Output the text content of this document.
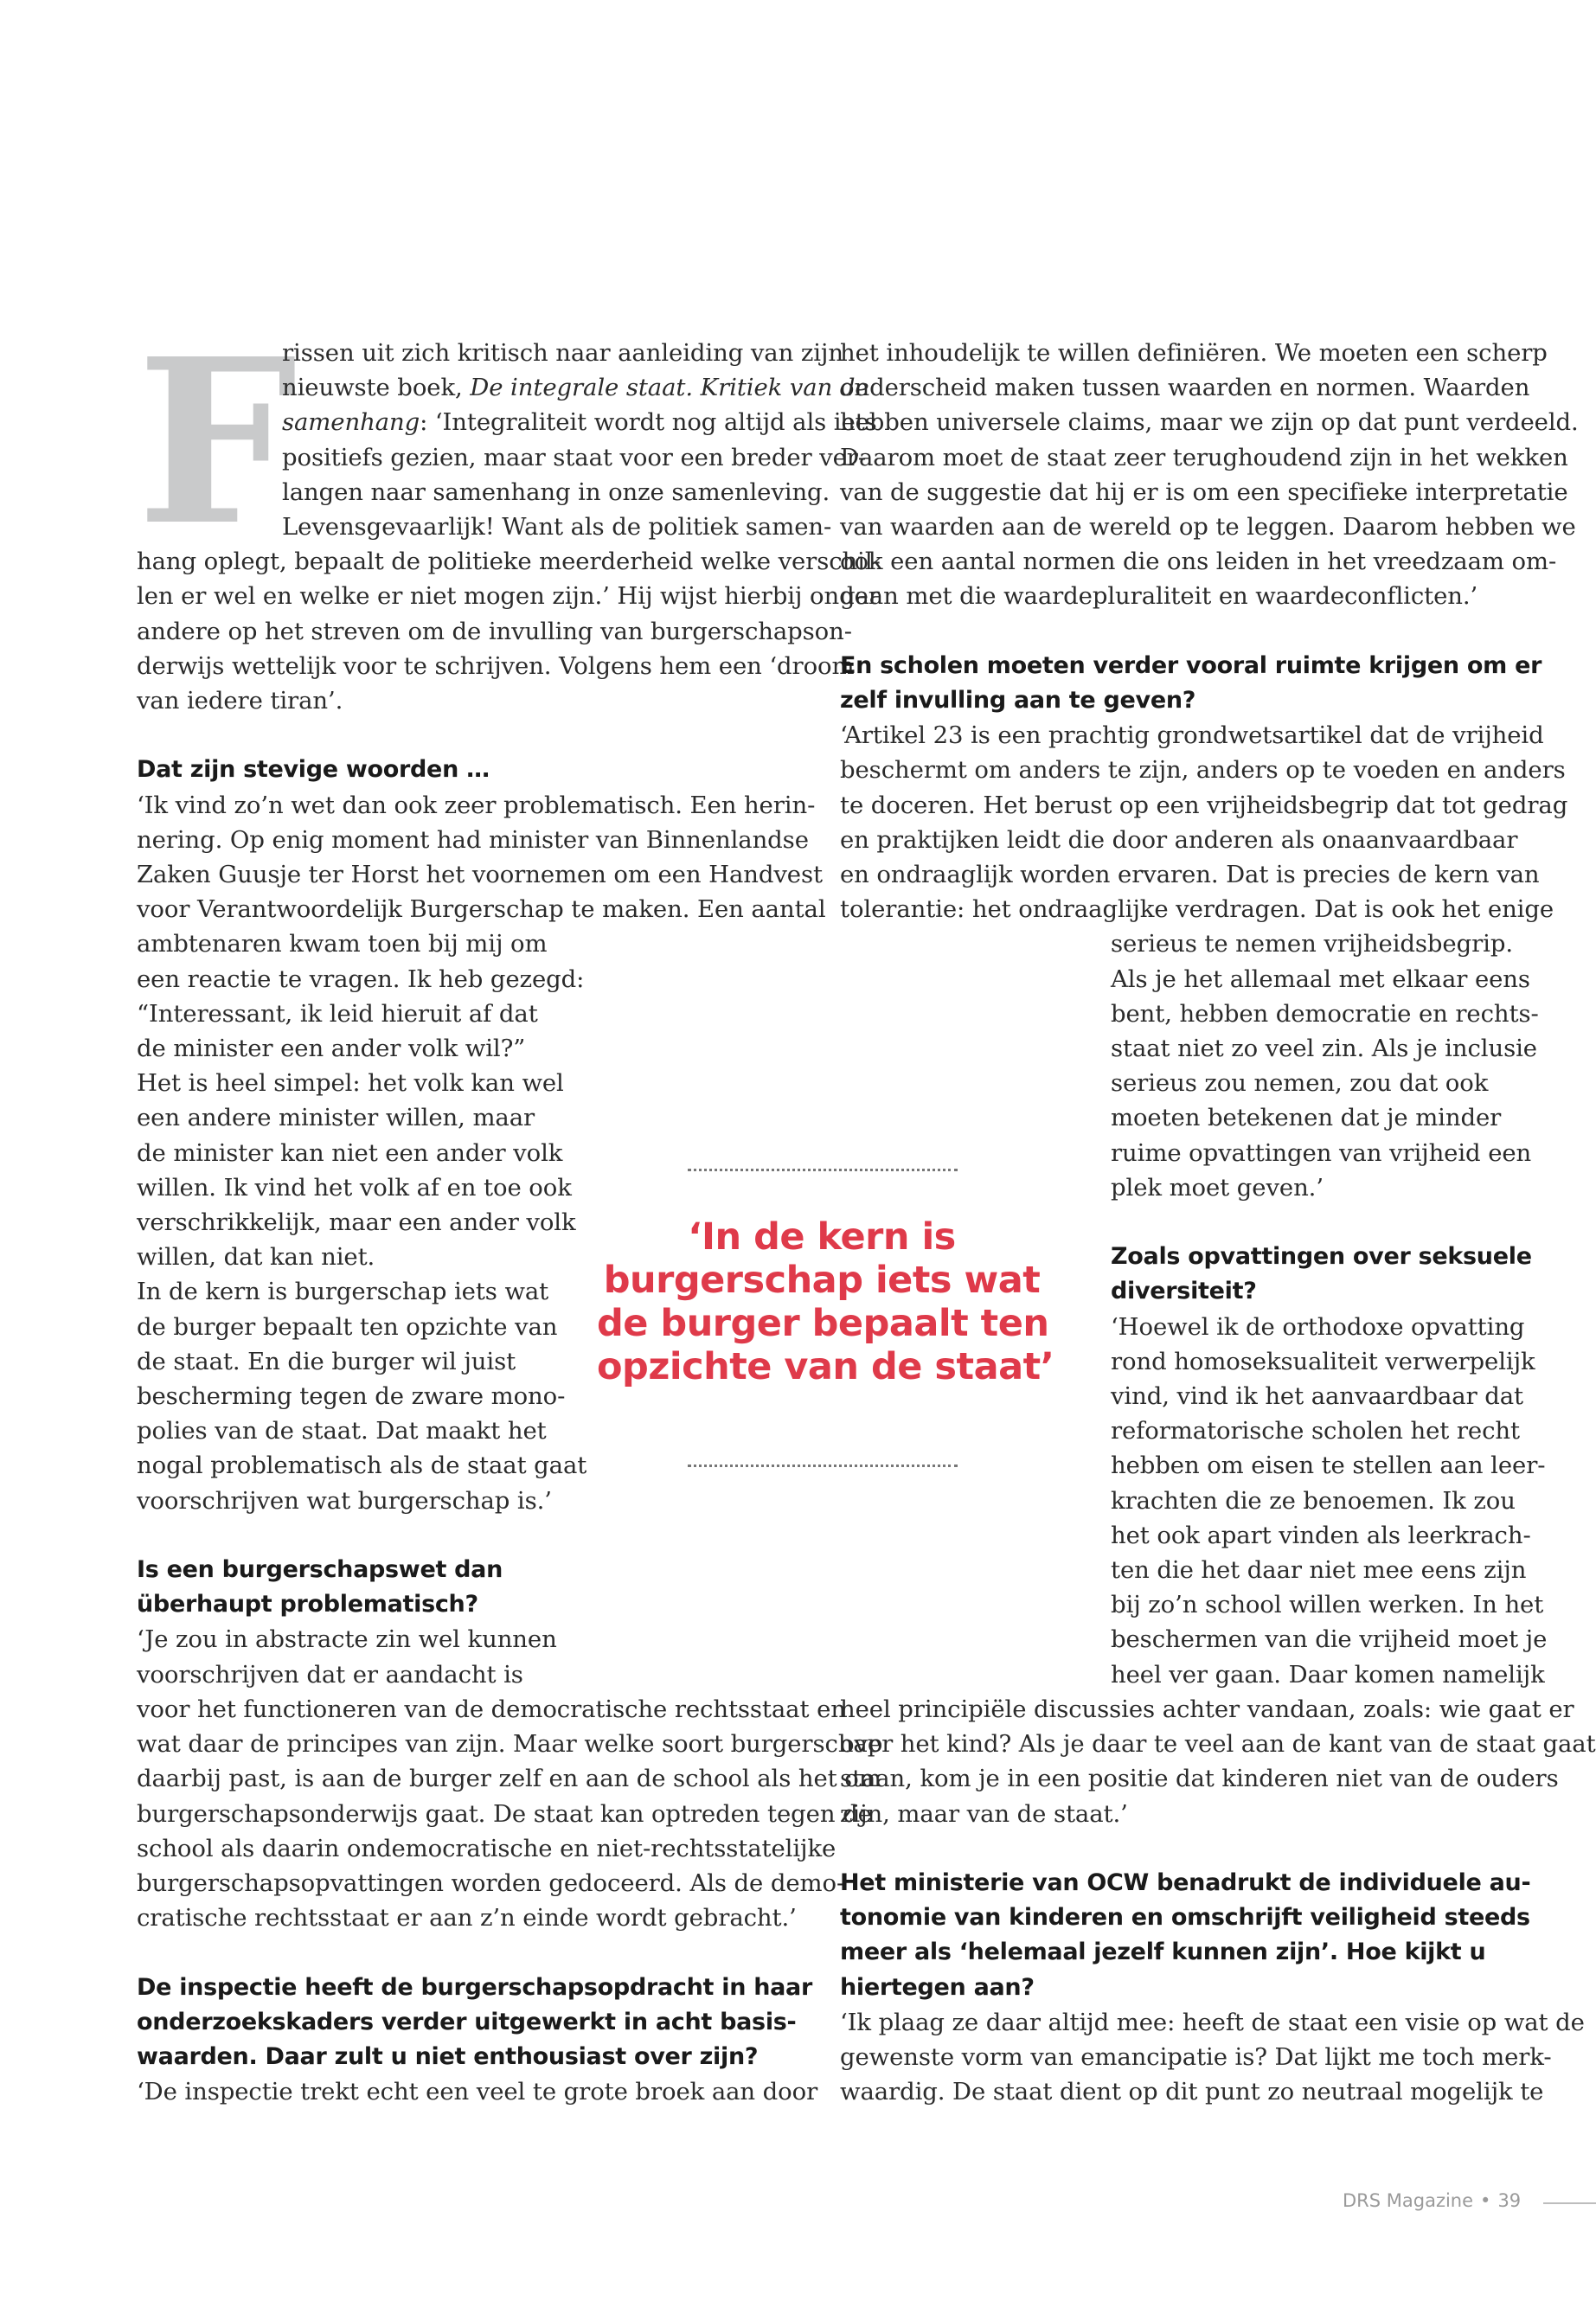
F
rissen uit zich kritisch naar aanleiding van zijn
nieuwste boek, De integrale staat. Kritiek van de
samenhang: ‘Integraliteit wordt nog altijd als iets
positiefs gezien, maar staat voor een breder ver-
langen naar samenhang in onze samenleving.
Levensgevaarlijk! Want als de politiek samen-
hang oplegt, bepaalt de politieke meerderheid welke verschil-
len er wel en welke er niet mogen zijn.’ Hij wijst hierbij onder
andere op het streven om de invulling van burgerschapson-
derwijs wettelijk voor te schrijven. Volgens hem een ‘droom
van iedere tiran’.
Dat zijn stevige woorden …
‘Ik vind zo’n wet dan ook zeer problematisch. Een herin-
nering. Op enig moment had minister van Binnenlandse
Zaken Guusje ter Horst het voornemen om een Handvest
voor Verantwoordelijk Burgerschap te maken. Een aantal
ambtenaren kwam toen bij mij om
een reactie te vragen. Ik heb gezegd:
“Interessant, ik leid hieruit af dat
de minister een ander volk wil?”
Het is heel simpel: het volk kan wel
een andere minister willen, maar
de minister kan niet een ander volk
willen. Ik vind het volk af en toe ook
verschrikkelijk, maar een ander volk
willen, dat kan niet.
In de kern is burgerschap iets wat
de burger bepaalt ten opzichte van
de staat. En die burger wil juist
bescherming tegen de zware mono-
polies van de staat. Dat maakt het
nogal problematisch als de staat gaat
voorschrijven wat burgerschap is.’
Is een burgerschapswet dan
überhaupt problematisch?
‘Je zou in abstracte zin wel kunnen
voorschrijven dat er aandacht is
voor het functioneren van de democratische rechtsstaat en
wat daar de principes van zijn. Maar welke soort burgerschap
daarbij past, is aan de burger zelf en aan de school als het om
burgerschapsonderwijs gaat. De staat kan optreden tegen de
school als daarin ondemocratische en niet-rechtsstatelijke
burgerschapsopvattingen worden gedoceerd. Als de demo-
cratische rechtsstaat er aan z’n einde wordt gebracht.’
De inspectie heeft de burgerschapsopdracht in haar
onderzoekskaders verder uitgewerkt in acht basis-
waarden. Daar zult u niet enthousiast over zijn?
‘De inspectie trekt echt een veel te grote broek aan door
het inhoudelijk te willen definiëren. We moeten een scherp
onderscheid maken tussen waarden en normen. Waarden
hebben universele claims, maar we zijn op dat punt verdeeld.
Daarom moet de staat zeer terughoudend zijn in het wekken
van de suggestie dat hij er is om een specifieke interpretatie
van waarden aan de wereld op te leggen. Daarom hebben we
ook een aantal normen die ons leiden in het vreedzaam om-
gaan met die waardepluraliteit en waardeconflicten.’
En scholen moeten verder vooral ruimte krijgen om er
zelf invulling aan te geven?
‘Artikel 23 is een prachtig grondwetsartikel dat de vrijheid
beschermt om anders te zijn, anders op te voeden en anders
te doceren. Het berust op een vrijheidsbegrip dat tot gedrag
en praktijken leidt die door anderen als onaanvaardbaar
en ondraaglijk worden ervaren. Dat is precies de kern van
tolerantie: het ondraaglijke verdragen. Dat is ook het enige
serieus te nemen vrijheidsbegrip.
Als je het allemaal met elkaar eens
bent, hebben democratie en rechts-
staat niet zo veel zin. Als je inclusie
serieus zou nemen, zou dat ook
moeten betekenen dat je minder
ruime opvattingen van vrijheid een
plek moet geven.’
Zoals opvattingen over seksuele
diversiteit?
‘Hoewel ik de orthodoxe opvatting
rond homoseksualiteit verwerpelijk
vind, vind ik het aanvaardbaar dat
reformatorische scholen het recht
hebben om eisen te stellen aan leer-
krachten die ze benoemen. Ik zou
het ook apart vinden als leerkrach-
ten die het daar niet mee eens zijn
bij zo’n school willen werken. In het
beschermen van die vrijheid moet je
heel ver gaan. Daar komen namelijk
heel principiële discussies achter vandaan, zoals: wie gaat er
over het kind? Als je daar te veel aan de kant van de staat gaat
staan, kom je in een positie dat kinderen niet van de ouders
zijn, maar van de staat.’
Het ministerie van OCW benadrukt de individuele au-
tonomie van kinderen en omschrijft veiligheid steeds
meer als ‘helemaal jezelf kunnen zijn’. Hoe kijkt u
hiertegen aan?
‘Ik plaag ze daar altijd mee: heeft de staat een visie op wat de
gewenste vorm van emancipatie is? Dat lijkt me toch merk-
waardig. De staat dient op dit punt zo neutraal mogelijk te
‘In de kern is
burgerschap iets wat
de burger bepaalt ten
opzichte van de staat’
DRS Magazine • 39
